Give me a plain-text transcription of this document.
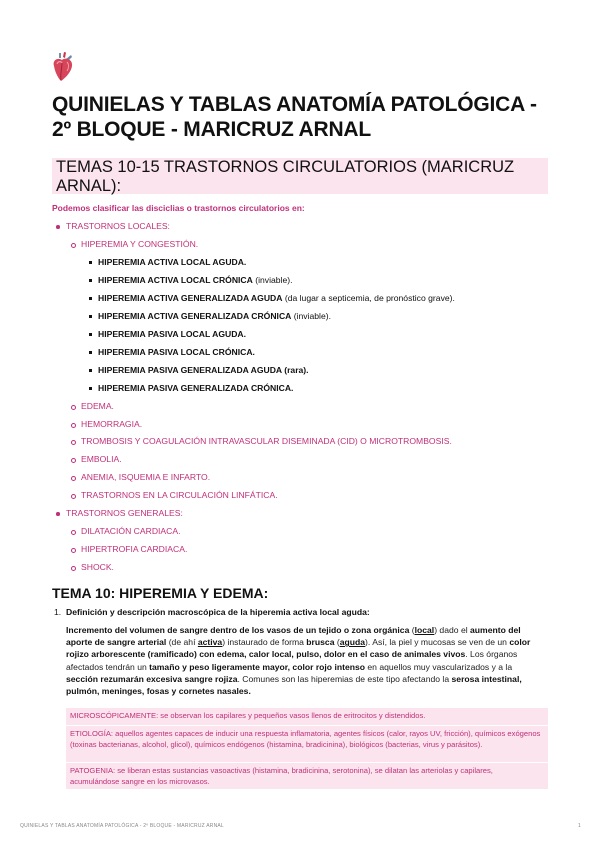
QUINIELAS Y TABLAS ANATOMÍA PATOLÓGICA -
2º BLOQUE - MARICRUZ ARNAL
TEMAS 10-15 TRASTORNOS CIRCULATORIOS (MARICRUZ
ARNAL):
Podemos clasificar las disciclias o trastornos circulatorios en:
TRASTORNOS LOCALES:
HIPEREMIA Y CONGESTIÓN.
HIPEREMIA ACTIVA LOCAL AGUDA.
HIPEREMIA ACTIVA LOCAL CRÓNICA (inviable).
HIPEREMIA ACTIVA GENERALIZADA AGUDA (da lugar a septicemia, de pronóstico grave).
HIPEREMIA ACTIVA GENERALIZADA CRÓNICA (inviable).
HIPEREMIA PASIVA LOCAL AGUDA.
HIPEREMIA PASIVA LOCAL CRÓNICA.
HIPEREMIA PASIVA GENERALIZADA AGUDA (rara).
HIPEREMIA PASIVA GENERALIZADA CRÓNICA.
EDEMA.
HEMORRAGIA.
TROMBOSIS Y COAGULACIÓN INTRAVASCULAR DISEMINADA (CID) O MICROTROMBOSIS.
EMBOLIA.
ANEMIA, ISQUEMIA E INFARTO.
TRASTORNOS EN LA CIRCULACIÓN LINFÁTICA.
TRASTORNOS GENERALES:
DILATACIÓN CARDIACA.
HIPERTROFIA CARDIACA.
SHOCK.
TEMA 10: HIPEREMIA Y EDEMA:
1. Definición y descripción macroscópica de la hiperemia activa local aguda:
Incremento del volumen de sangre dentro de los vasos de un tejido o zona orgánica (local) dado el aumento del aporte de sangre arterial (de ahí activa) instaurado de forma brusca (aguda). Así, la piel y mucosas se ven de un color rojizo arborescente (ramificado) con edema, calor local, pulso, dolor en el caso de animales vivos. Los órganos afectados tendrán un tamaño y peso ligeramente mayor, color rojo intenso en aquellos muy vascularizados y a la sección rezumarán excesiva sangre rojiza. Comunes son las hiperemias de este tipo afectando la serosa intestinal, pulmón, meninges, fosas y cornetes nasales.
MICROSCÓPICAMENTE: se observan los capilares y pequeños vasos llenos de eritrocitos y distendidos.
ETIOLOGÍA: aquellos agentes capaces de inducir una respuesta inflamatoria, agentes físicos (calor, rayos UV, fricción), químicos exógenos (toxinas bacterianas, alcohol, glicol), químicos endógenos (histamina, bradicinina), biológicos (bacterias, virus y parásitos).
PATOGENIA: se liberan estas sustancias vasoactivas (histamina, bradicinina, serotonina), se dilatan las arteriolas y capilares, acumulándose sangre en los microvasos.
QUINIELAS Y TABLAS ANATOMÍA PATOLÓGICA - 2º BLOQUE - MARICRUZ ARNAL	1
